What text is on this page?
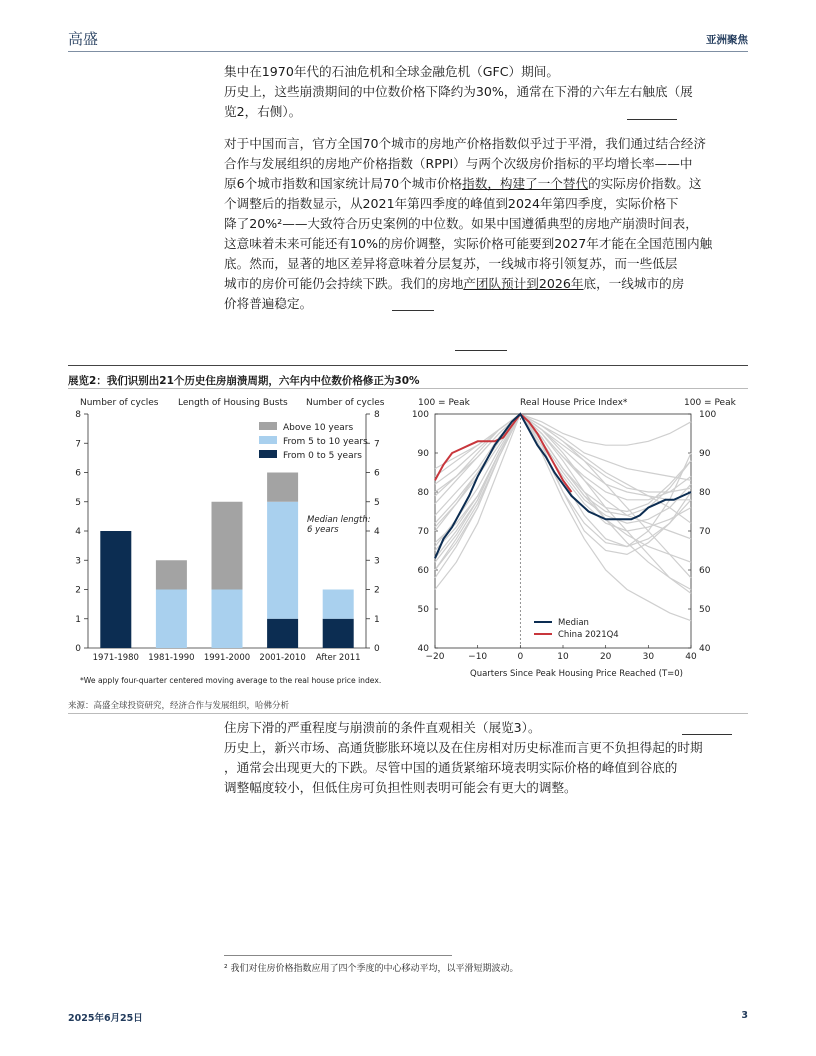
高盛	亚洲聚焦
集中在1970年代的石油危机和全球金融危机（GFC）期间。
历史上，这些崩溃期间的中位数价格下降约为30%，通常在下滑的六年左右触底（展
览2，右侧）。
对于中国而言，官方全国70个城市的房地产价格指数似乎过于平滑，我们通过结合经济
合作与发展组织的房地产价格指数（RPPI）与两个次级房价指标的平均增长率——中
原6个城市指数和国家统计局70个城市价格指数，构建了一个替代的实际房价指数。这
个调整后的指数显示，从2021年第四季度的峰值到2024年第四季度，实际价格下
降了20%²——大致符合历史案例的中位数。如果中国遵循典型的房地产崩溃时间表，
这意味着未来可能还有10%的房价调整，实际价格可能要到2027年才能在全国范围内触
底。然而，显著的地区差异将意味着分层复苏，一线城市将引领复苏，而一些低层
城市的房价可能仍会持续下跌。我们的房地产团队预计到2026年底，一线城市的房
价将普遍稳定。
展览2：我们识别出21个历史住房崩溃周期，六年内中位数价格修正为30%
Number of cycles Length of Housing Busts Number of cycles
0	0
1	1
2	2
3	3
4	4
5	5
6	6
7	7
8	8
1971-1980 1981-1990 1991-2000 2001-2010 After 2011
Above 10 years
From 5 to 10 years
From 0 to 5 years
Median length:
6 years
*We apply four-quarter centered moving average to the real house price index.
100 = Peak	Real House Price Index*	100 = Peak
40	40
50	50
60	60
70	70
80	80
90	90
100	100
−20	−10	0	10	20	30	40
Median
China 2021Q4
Quarters Since Peak Housing Price Reached (T=0)
来源：高盛全球投资研究，经济合作与发展组织，哈佛分析
住房下滑的严重程度与崩溃前的条件直观相关（展览3）。
历史上，新兴市场、高通货膨胀环境以及在住房相对历史标准而言更不负担得起的时期
，通常会出现更大的下跌。尽管中国的通货紧缩环境表明实际价格的峰值到谷底的
调整幅度较小，但低住房可负担性则表明可能会有更大的调整。
² 我们对住房价格指数应用了四个季度的中心移动平均，以平滑短期波动。
2025年6月25日	3
